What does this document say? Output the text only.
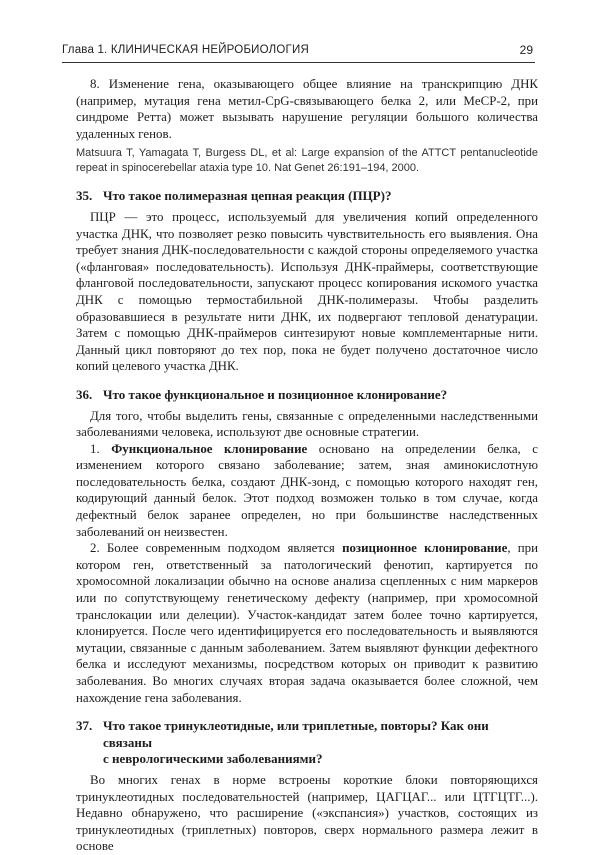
Глава 1. КЛИНИЧЕСКАЯ НЕЙРОБИОЛОГИЯ	29

8. Изменение гена, оказывающего общее влияние на транскрипцию ДНК (например, мутация гена метил-CpG-связывающего белка 2, или MeCP-2, при синдроме Ретта) может вызывать нарушение регуляции большого количества удаленных генов.

Matsuura T, Yamagata T, Burgess DL, et al: Large expansion of the ATTCT pentanucleotide repeat in spinocerebellar ataxia type 10. Nat Genet 26:191–194, 2000.

35. Что такое полимеразная цепная реакция (ПЦР)?

ПЦР — это процесс, используемый для увеличения копий определенного участка ДНК, что позволяет резко повысить чувствительность его выявления. Она требует знания ДНК-последовательности с каждой стороны определяемого участка («фланговая» последовательность). Используя ДНК-праймеры, соответствующие фланговой последовательности, запускают процесс копирования искомого участка ДНК с помощью термостабильной ДНК-полимеразы. Чтобы разделить образовавшиеся в результате нити ДНК, их подвергают тепловой денатурации. Затем с помощью ДНК-праймеров синтезируют новые комплементарные нити. Данный цикл повторяют до тех пор, пока не будет получено достаточное число копий целевого участка ДНК.

36. Что такое функциональное и позиционное клонирование?

Для того, чтобы выделить гены, связанные с определенными наследственными заболеваниями человека, используют две основные стратегии.

1. Функциональное клонирование основано на определении белка, с изменением которого связано заболевание; затем, зная аминокислотную последовательность белка, создают ДНК-зонд, с помощью которого находят ген, кодирующий данный белок. Этот подход возможен только в том случае, когда дефектный белок заранее определен, но при большинстве наследственных заболеваний он неизвестен.

2. Более современным подходом является позиционное клонирование, при котором ген, ответственный за патологический фенотип, картируется по хромосомной локализации обычно на основе анализа сцепленных с ним маркеров или по сопутствующему генетическому дефекту (например, при хромосомной транслокации или делеции). Участок-кандидат затем более точно картируется, клонируется. После чего идентифицируется его последовательность и выявляются мутации, связанные с данным заболеванием. Затем выявляют функции дефектного белка и исследуют механизмы, посредством которых он приводит к развитию заболевания. Во многих случаях вторая задача оказывается более сложной, чем нахождение гена заболевания.

37. Что такое тринуклеотидные, или триплетные, повторы? Как они связаны
с неврологическими заболеваниями?

Во многих генах в норме встроены короткие блоки повторяющихся тринуклеотидных последовательностей (например, ЦАГЦАГ... или ЦТГЦТГ...). Недавно обнаружено, что расширение («экспансия») участков, состоящих из тринуклеотидных (триплетных) повторов, сверх нормального размера лежит в основе
